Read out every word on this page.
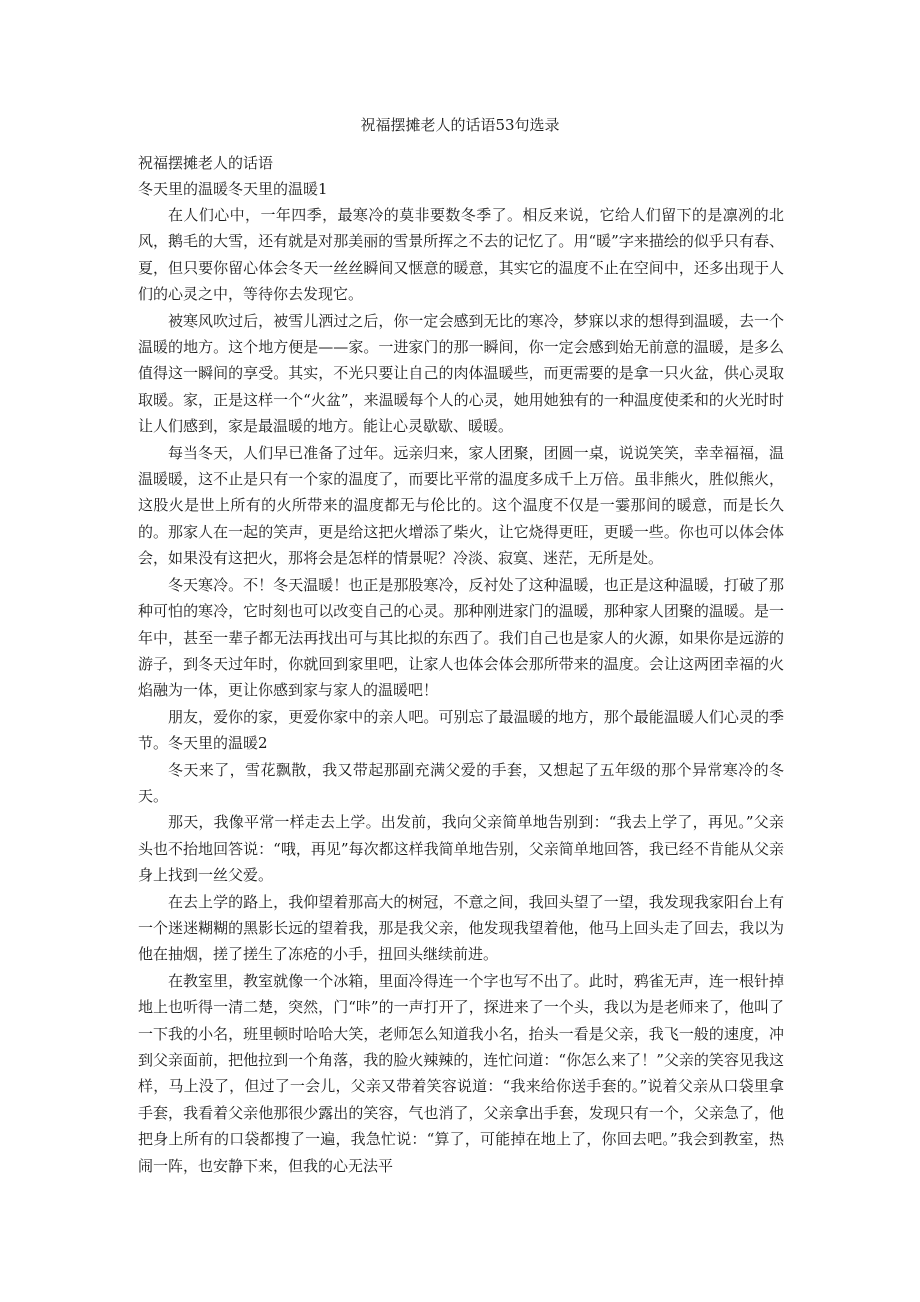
祝福摆摊老人的话语53句选录

祝福摆摊老人的话语

冬天里的温暖冬天里的温暖1

在人们心中，一年四季，最寒冷的莫非要数冬季了。相反来说，它给人们留下的是凛冽的北风，鹅毛的大雪，还有就是对那美丽的雪景所挥之不去的记忆了。用“暖”字来描绘的似乎只有春、夏，但只要你留心体会冬天一丝丝瞬间又惬意的暖意，其实它的温度不止在空间中，还多出现于人们的心灵之中，等待你去发现它。

被寒风吹过后，被雪儿洒过之后，你一定会感到无比的寒冷，梦寐以求的想得到温暖，去一个温暖的地方。这个地方便是——家。一进家门的那一瞬间，你一定会感到始无前意的温暖，是多么值得这一瞬间的享受。其实，不光只要让自己的肉体温暖些，而更需要的是拿一只火盆，供心灵取取暖。家，正是这样一个“火盆”，来温暖每个人的心灵，她用她独有的一种温度使柔和的火光时时让人们感到，家是最温暖的地方。能让心灵歇歇、暖暖。

每当冬天，人们早已准备了过年。远亲归来，家人团聚，团圆一桌，说说笑笑，幸幸福福，温温暖暖，这不止是只有一个家的温度了，而要比平常的温度多成千上万倍。虽非熊火，胜似熊火，这股火是世上所有的火所带来的温度都无与伦比的。这个温度不仅是一霎那间的暖意，而是长久的。那家人在一起的笑声，更是给这把火增添了柴火，让它烧得更旺，更暖一些。你也可以体会体会，如果没有这把火，那将会是怎样的情景呢？冷淡、寂寞、迷茫，无所是处。

冬天寒冷。不！冬天温暖！也正是那股寒冷，反衬处了这种温暖，也正是这种温暖，打破了那种可怕的寒冷，它时刻也可以改变自己的心灵。那种刚进家门的温暖，那种家人团聚的温暖。是一年中，甚至一辈子都无法再找出可与其比拟的东西了。我们自己也是家人的火源，如果你是远游的游子，到冬天过年时，你就回到家里吧，让家人也体会体会那所带来的温度。会让这两团幸福的火焰融为一体，更让你感到家与家人的温暖吧！

朋友，爱你的家，更爱你家中的亲人吧。可别忘了最温暖的地方，那个最能温暖人们心灵的季节。冬天里的温暖2

冬天来了，雪花飘散，我又带起那副充满父爱的手套，又想起了五年级的那个异常寒冷的冬天。

那天，我像平常一样走去上学。出发前，我向父亲简单地告别到：“我去上学了，再见。”父亲头也不抬地回答说：“哦，再见”每次都这样我简单地告别，父亲简单地回答，我已经不肯能从父亲身上找到一丝父爱。

在去上学的路上，我仰望着那高大的树冠，不意之间，我回头望了一望，我发现我家阳台上有一个迷迷糊糊的黑影长远的望着我，那是我父亲，他发现我望着他，他马上回头走了回去，我以为他在抽烟，搓了搓生了冻疮的小手，扭回头继续前进。

在教室里，教室就像一个冰箱，里面冷得连一个字也写不出了。此时，鸦雀无声，连一根针掉地上也听得一清二楚，突然，门“咔”的一声打开了，探进来了一个头，我以为是老师来了，他叫了一下我的小名，班里顿时哈哈大笑，老师怎么知道我小名，抬头一看是父亲，我飞一般的速度，冲到父亲面前，把他拉到一个角落，我的脸火辣辣的，连忙问道：“你怎么来了！”父亲的笑容见我这样，马上没了，但过了一会儿，父亲又带着笑容说道：“我来给你送手套的。”说着父亲从口袋里拿手套，我看着父亲他那很少露出的笑容，气也消了，父亲拿出手套，发现只有一个，父亲急了，他把身上所有的口袋都搜了一遍，我急忙说：“算了，可能掉在地上了，你回去吧。”我会到教室，热闹一阵，也安静下来，但我的心无法平
